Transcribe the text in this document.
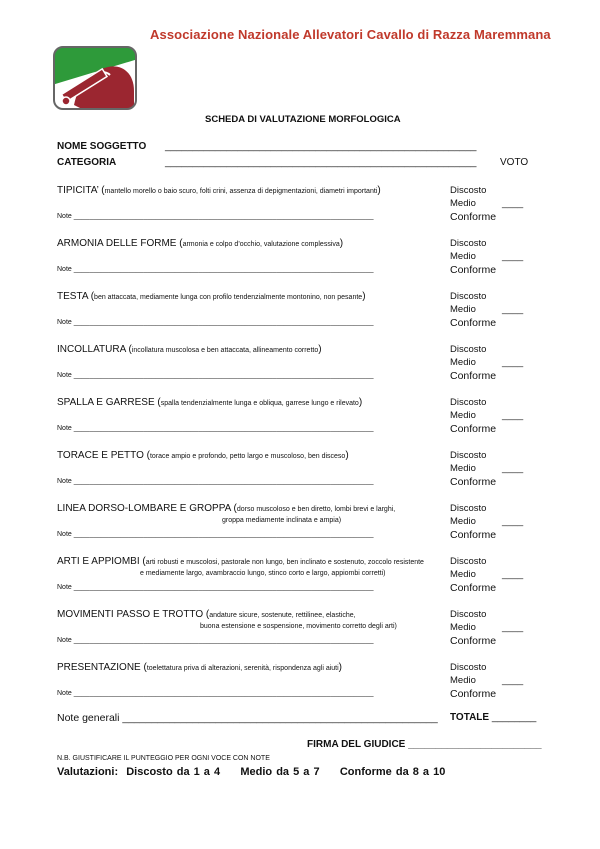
Associazione Nazionale Allevatori Cavallo di Razza Maremmana
SCHEDA DI VALUTAZIONE MORFOLOGICA
NOME SOGGETTO ________________________________________________________
CATEGORIA	________________________________________________________ VOTO
TIPICITA’ (mantello morello o baio scuro, folti crini, assenza di depigmentazioni, diametri importanti)	Discosto
Medio	____
Conforme
Note _____________________________________________________________________________
ARMONIA DELLE FORME (armonia e colpo d’occhio, valutazione complessiva)	Discosto
Medio	____
Conforme
Note _____________________________________________________________________________
TESTA (ben attaccata, mediamente lunga con profilo tendenzialmente montonino, non pesante)	Discosto
Medio	____
Conforme
Note _____________________________________________________________________________
INCOLLATURA (incollatura muscolosa e ben attaccata, allineamento corretto)	Discosto
Medio	____
Conforme
Note _____________________________________________________________________________
SPALLA E GARRESE (spalla tendenzialmente lunga e obliqua, garrese lungo e rilevato)	Discosto
Medio	____
Conforme
Note _____________________________________________________________________________
TORACE E PETTO (torace ampio e profondo, petto largo e muscoloso, ben disceso)	Discosto
Medio	____
Conforme
Note _____________________________________________________________________________
LINEA DORSO-LOMBARE E GROPPA (dorso muscoloso e ben diretto, lombi brevi e larghi,
groppa mediamente inclinata e ampia)
Discosto
Medio	____
Conforme
Note _____________________________________________________________________________
ARTI E APPIOMBI (arti robusti e muscolosi, pastorale non lungo, ben inclinato e sostenuto, zoccolo resistente
e mediamente largo, avambraccio lungo, stinco corto e largo, appiombi corretti)
Discosto
Medio	____
Conforme
Note _____________________________________________________________________________
MOVIMENTI PASSO E TROTTO (andature sicure, sostenute, rettilinee, elastiche,
buona estensione e sospensione, movimento corretto degli arti)
Discosto
Medio	____
Conforme
Note _____________________________________________________________________________
PRESENTAZIONE (toelettatura priva di alterazioni, serenità, rispondenza agli aiuti)	Discosto
Medio	____
Conforme
Note _____________________________________________________________________________
Note generali ______________________________________________________ TOTALE ________
FIRMA DEL GIUDICE ________________________
N.B. GIUSTIFICARE IL PUNTEGGIO PER OGNI VOCE CON NOTE
Valutazioni:  Discosto da 1 a 4     Medio da 5 a 7     Conforme da 8 a 10
